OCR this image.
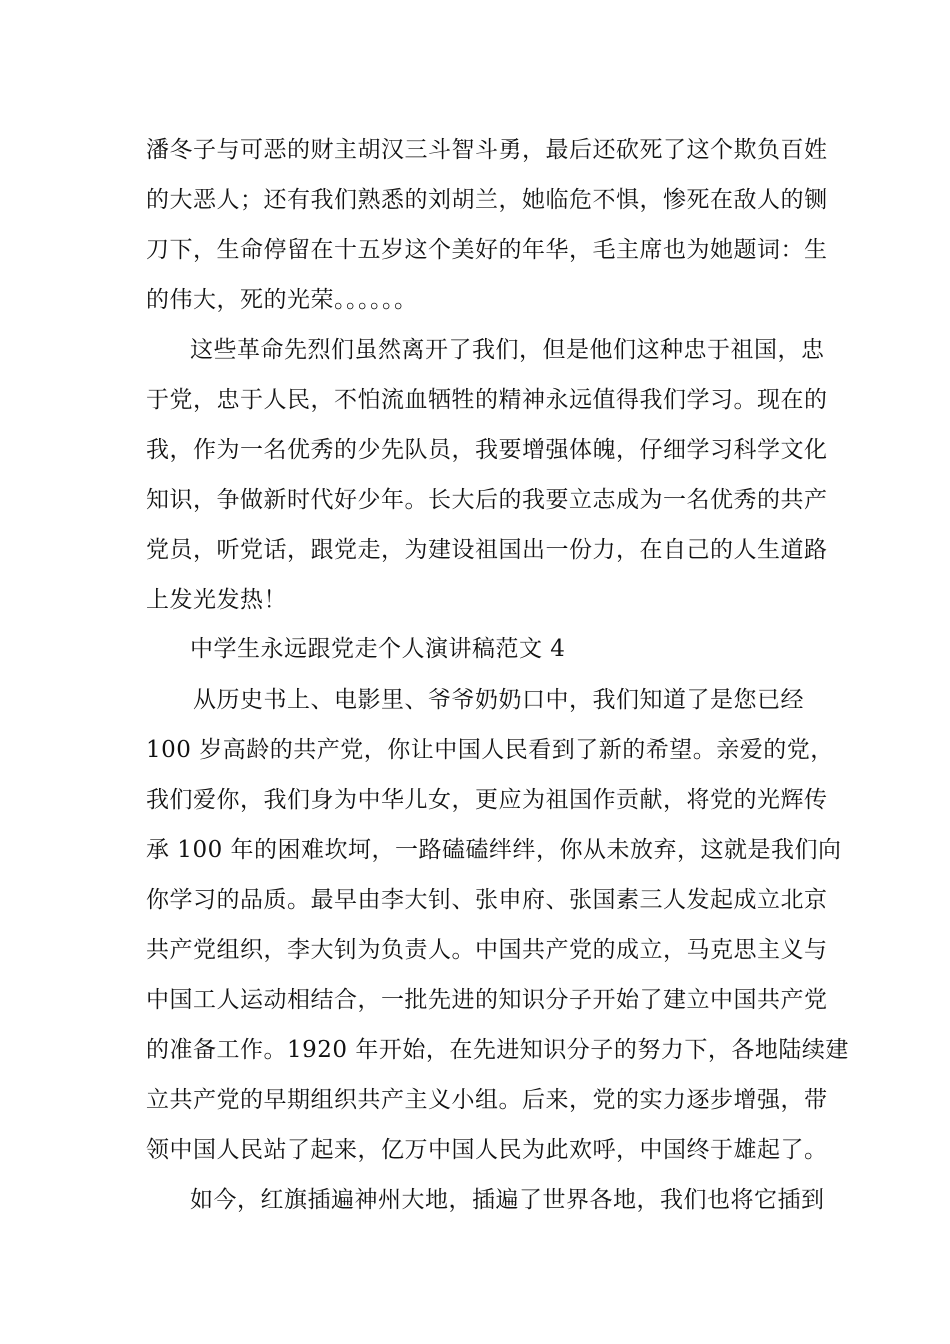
潘冬子与可恶的财主胡汉三斗智斗勇，最后还砍死了这个欺负百姓
的大恶人；还有我们熟悉的刘胡兰，她临危不惧，惨死在敌人的铡
刀下，生命停留在十五岁这个美好的年华，毛主席也为她题词：生
的伟大，死的光荣。。。。。。
这些革命先烈们虽然离开了我们，但是他们这种忠于祖国，忠
于党，忠于人民，不怕流血牺牲的精神永远值得我们学习。现在的
我，作为一名优秀的少先队员，我要增强体魄，仔细学习科学文化
知识，争做新时代好少年。长大后的我要立志成为一名优秀的共产
党员，听党话，跟党走，为建设祖国出一份力，在自己的人生道路
上发光发热！
中学生永远跟党走个人演讲稿范文 4
从历史书上、电影里、爷爷奶奶口中，我们知道了是您已经
100 岁高龄的共产党，你让中国人民看到了新的希望。亲爱的党，
我们爱你，我们身为中华儿女，更应为祖国作贡献，将党的光辉传
承 100 年的困难坎坷，一路磕磕绊绊，你从未放弃，这就是我们向
你学习的品质。最早由李大钊、张申府、张国素三人发起成立北京
共产党组织，李大钊为负责人。中国共产党的成立，马克思主义与
中国工人运动相结合，一批先进的知识分子开始了建立中国共产党
的准备工作。1920 年开始，在先进知识分子的努力下，各地陆续建
立共产党的早期组织共产主义小组。后来，党的实力逐步增强，带
领中国人民站了起来，亿万中国人民为此欢呼，中国终于雄起了。
如今，红旗插遍神州大地，插遍了世界各地，我们也将它插到
